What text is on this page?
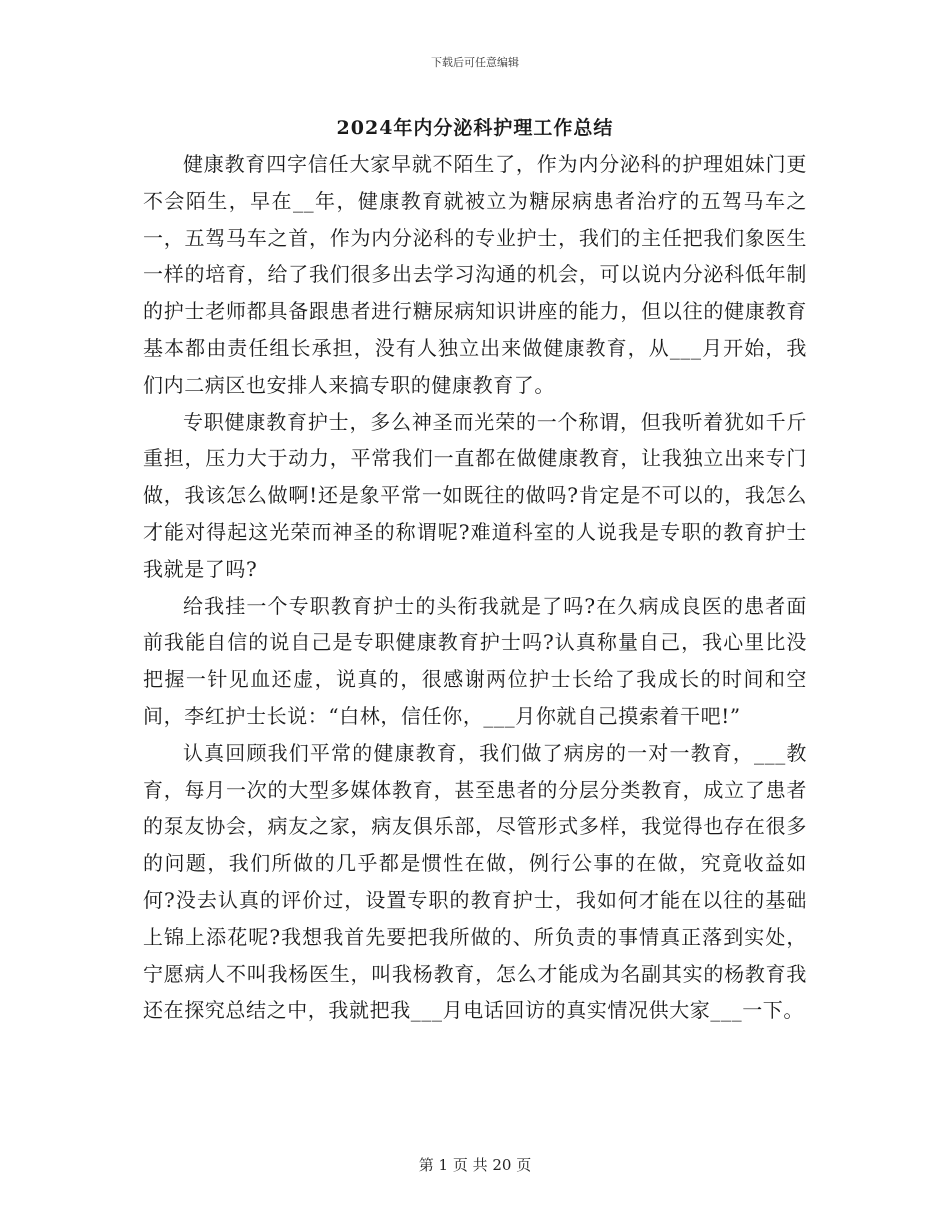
下载后可任意编辑
2024年内分泌科护理工作总结

健康教育四字信任大家早就不陌生了，作为内分泌科的护理姐妹门更不会陌生，早在__年，健康教育就被立为糖尿病患者治疗的五驾马车之一，五驾马车之首，作为内分泌科的专业护士，我们的主任把我们象医生一样的培育，给了我们很多出去学习沟通的机会，可以说内分泌科低年制的护士老师都具备跟患者进行糖尿病知识讲座的能力，但以往的健康教育基本都由责任组长承担，没有人独立出来做健康教育，从___月开始，我们内二病区也安排人来搞专职的健康教育了。

专职健康教育护士，多么神圣而光荣的一个称谓，但我听着犹如千斤重担，压力大于动力，平常我们一直都在做健康教育，让我独立出来专门做，我该怎么做啊!还是象平常一如既往的做吗?肯定是不可以的，我怎么才能对得起这光荣而神圣的称谓呢?难道科室的人说我是专职的教育护士我就是了吗?

给我挂一个专职教育护士的头衔我就是了吗?在久病成良医的患者面前我能自信的说自己是专职健康教育护士吗?认真称量自己，我心里比没把握一针见血还虚，说真的，很感谢两位护士长给了我成长的时间和空间，李红护士长说：“白林，信任你，___月你就自己摸索着干吧!”

认真回顾我们平常的健康教育，我们做了病房的一对一教育，___教育，每月一次的大型多媒体教育，甚至患者的分层分类教育，成立了患者的泵友协会，病友之家，病友俱乐部，尽管形式多样，我觉得也存在很多的问题，我们所做的几乎都是惯性在做，例行公事的在做，究竟收益如何?没去认真的评价过，设置专职的教育护士，我如何才能在以往的基础上锦上添花呢?我想我首先要把我所做的、所负责的事情真正落到实处，宁愿病人不叫我杨医生，叫我杨教育，怎么才能成为名副其实的杨教育我还在探究总结之中，我就把我___月电话回访的真实情况供大家___一下。

第 1 页 共 20 页
